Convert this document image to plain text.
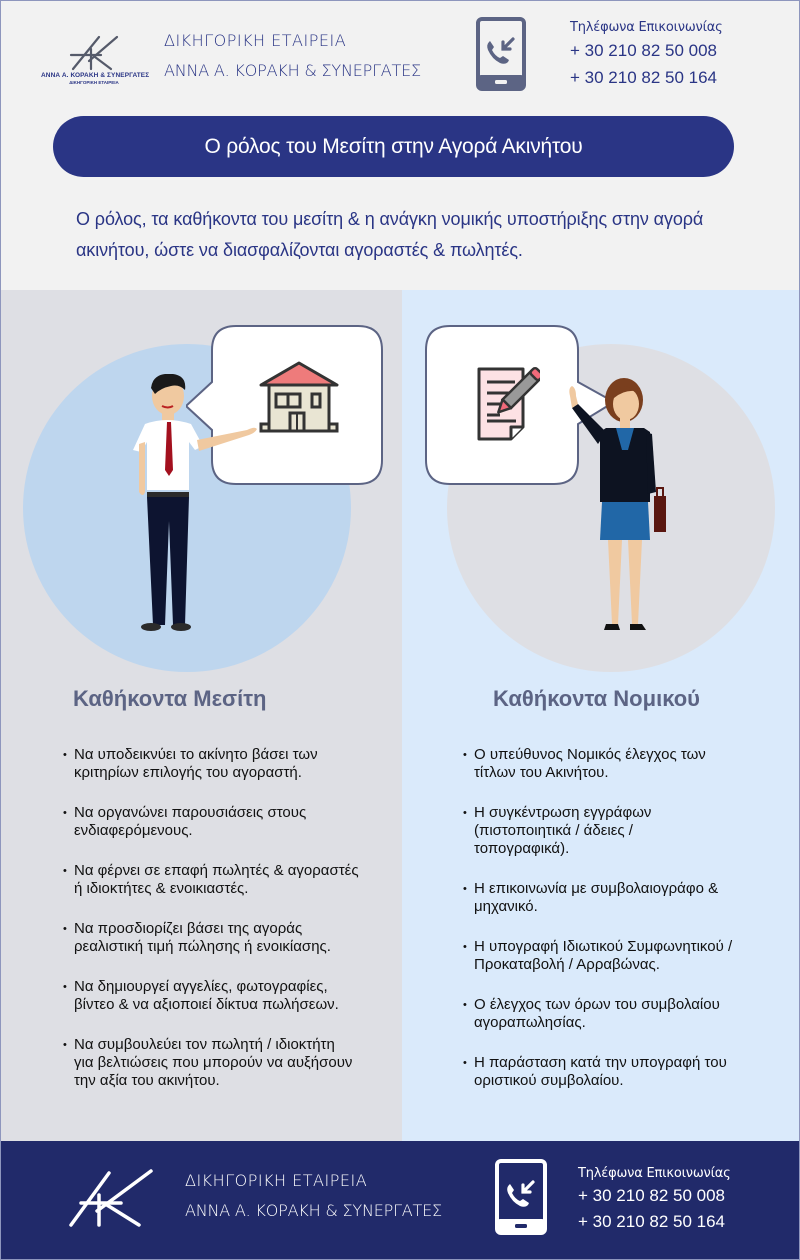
ΑΝΝΑ Α. ΚΟΡΑΚΗ & ΣΥΝΕΡΓΑΤΕΣ
ΔΙΚΗΓΟΡΙΚΗ ΕΤΑΙΡΕΙΑ
ΔΙΚΗΓΟΡΙΚΗ ΕΤΑΙΡΕΙΑ
ΑΝΝΑ Α. ΚΟΡΑΚΗ & ΣΥΝΕΡΓΑΤΕΣ
Τηλέφωνα Επικοινωνίας
+ 30 210 82 50 008
+ 30 210 82 50 164
Ο ρόλος του Μεσίτη στην Αγορά Ακινήτου
Ο ρόλος, τα καθήκοντα του μεσίτη & η ανάγκη νομικής υποστήριξης στην αγορά ακινήτου, ώστε να διασφαλίζονται αγοραστές & πωλητές.
Καθήκοντα Μεσίτη
• Να υποδεικνύει το ακίνητο βάσει των κριτηρίων επιλογής του αγοραστή.
• Να οργανώνει παρουσιάσεις στους ενδιαφερόμενους.
• Να φέρνει σε επαφή πωλητές & αγοραστές ή ιδιοκτήτες & ενοικιαστές.
• Να προσδιορίζει βάσει της αγοράς ρεαλιστική τιμή πώλησης ή ενοικίασης.
• Να δημιουργεί αγγελίες, φωτογραφίες, βίντεο & να αξιοποιεί δίκτυα πωλήσεων.
• Να συμβουλεύει τον πωλητή / ιδιοκτήτη για βελτιώσεις που μπορούν να αυξήσουν την αξία του ακινήτου.
Καθήκοντα Νομικού
• Ο υπεύθυνος Νομικός έλεγχος των τίτλων του Ακινήτου.
• Η συγκέντρωση εγγράφων (πιστοποιητικά / άδειες / τοπογραφικά).
• Η επικοινωνία με συμβολαιογράφο & μηχανικό.
• Η υπογραφή Ιδιωτικού Συμφωνητικού / Προκαταβολή / Αρραβώνας.
• Ο έλεγχος των όρων του συμβολαίου αγοραπωλησίας.
• Η παράσταση κατά την υπογραφή του οριστικού συμβολαίου.
ΔΙΚΗΓΟΡΙΚΗ ΕΤΑΙΡΕΙΑ
ΑΝΝΑ Α. ΚΟΡΑΚΗ & ΣΥΝΕΡΓΑΤΕΣ
Τηλέφωνα Επικοινωνίας
+ 30 210 82 50 008
+ 30 210 82 50 164
